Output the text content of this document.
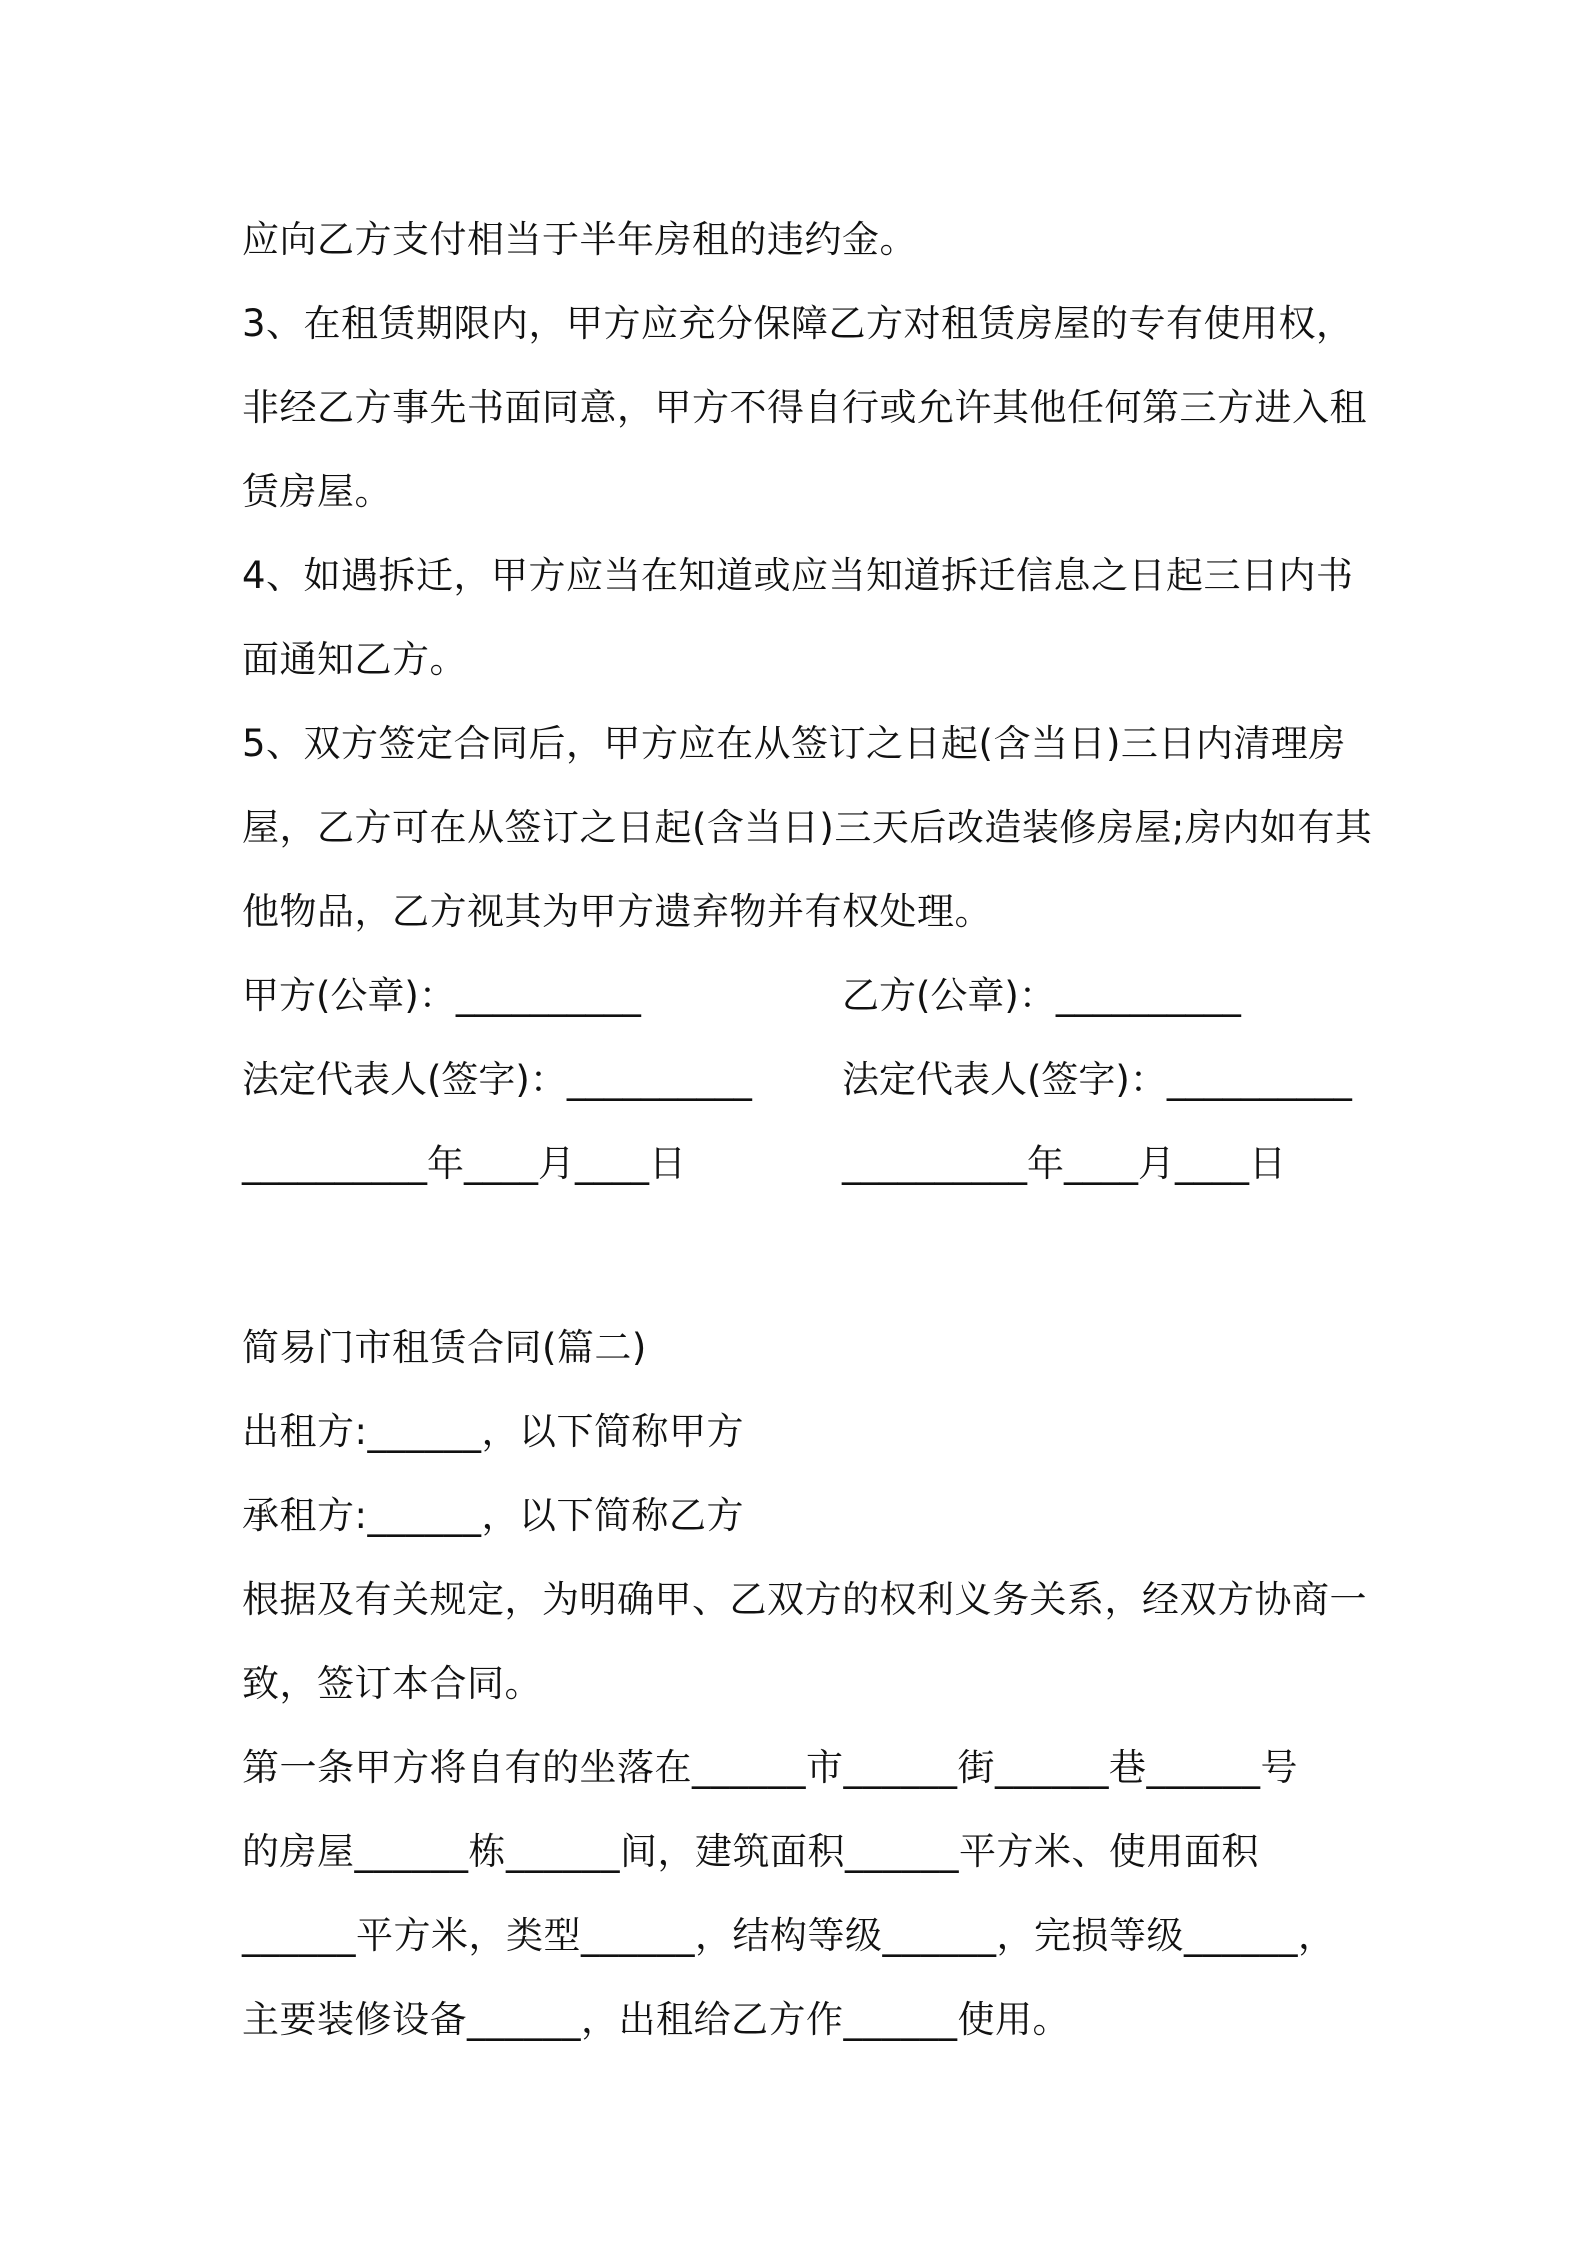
应向乙方支付相当于半年房租的违约金。
3、在租赁期限内，甲方应充分保障乙方对租赁房屋的专有使用权，
非经乙方事先书面同意，甲方不得自行或允许其他任何第三方进入租
赁房屋。
4、如遇拆迁，甲方应当在知道或应当知道拆迁信息之日起三日内书
面通知乙方。
5、双方签定合同后，甲方应在从签订之日起(含当日)三日内清理房
屋，乙方可在从签订之日起(含当日)三天后改造装修房屋;房内如有其
他物品，乙方视其为甲方遗弃物并有权处理。
甲方(公章)：__________	乙方(公章)：__________
法定代表人(签字)：__________	法定代表人(签字)：__________
__________年____月____日	__________年____月____日
简易门市租赁合同(篇二)
出租方:______，以下简称甲方
承租方:______，以下简称乙方
根据及有关规定，为明确甲、乙双方的权利义务关系，经双方协商一
致，签订本合同。
第一条甲方将自有的坐落在______市______街______巷______号
的房屋______栋______间，建筑面积______平方米、使用面积
______平方米，类型______，结构等级______，完损等级______，
主要装修设备______，出租给乙方作______使用。
